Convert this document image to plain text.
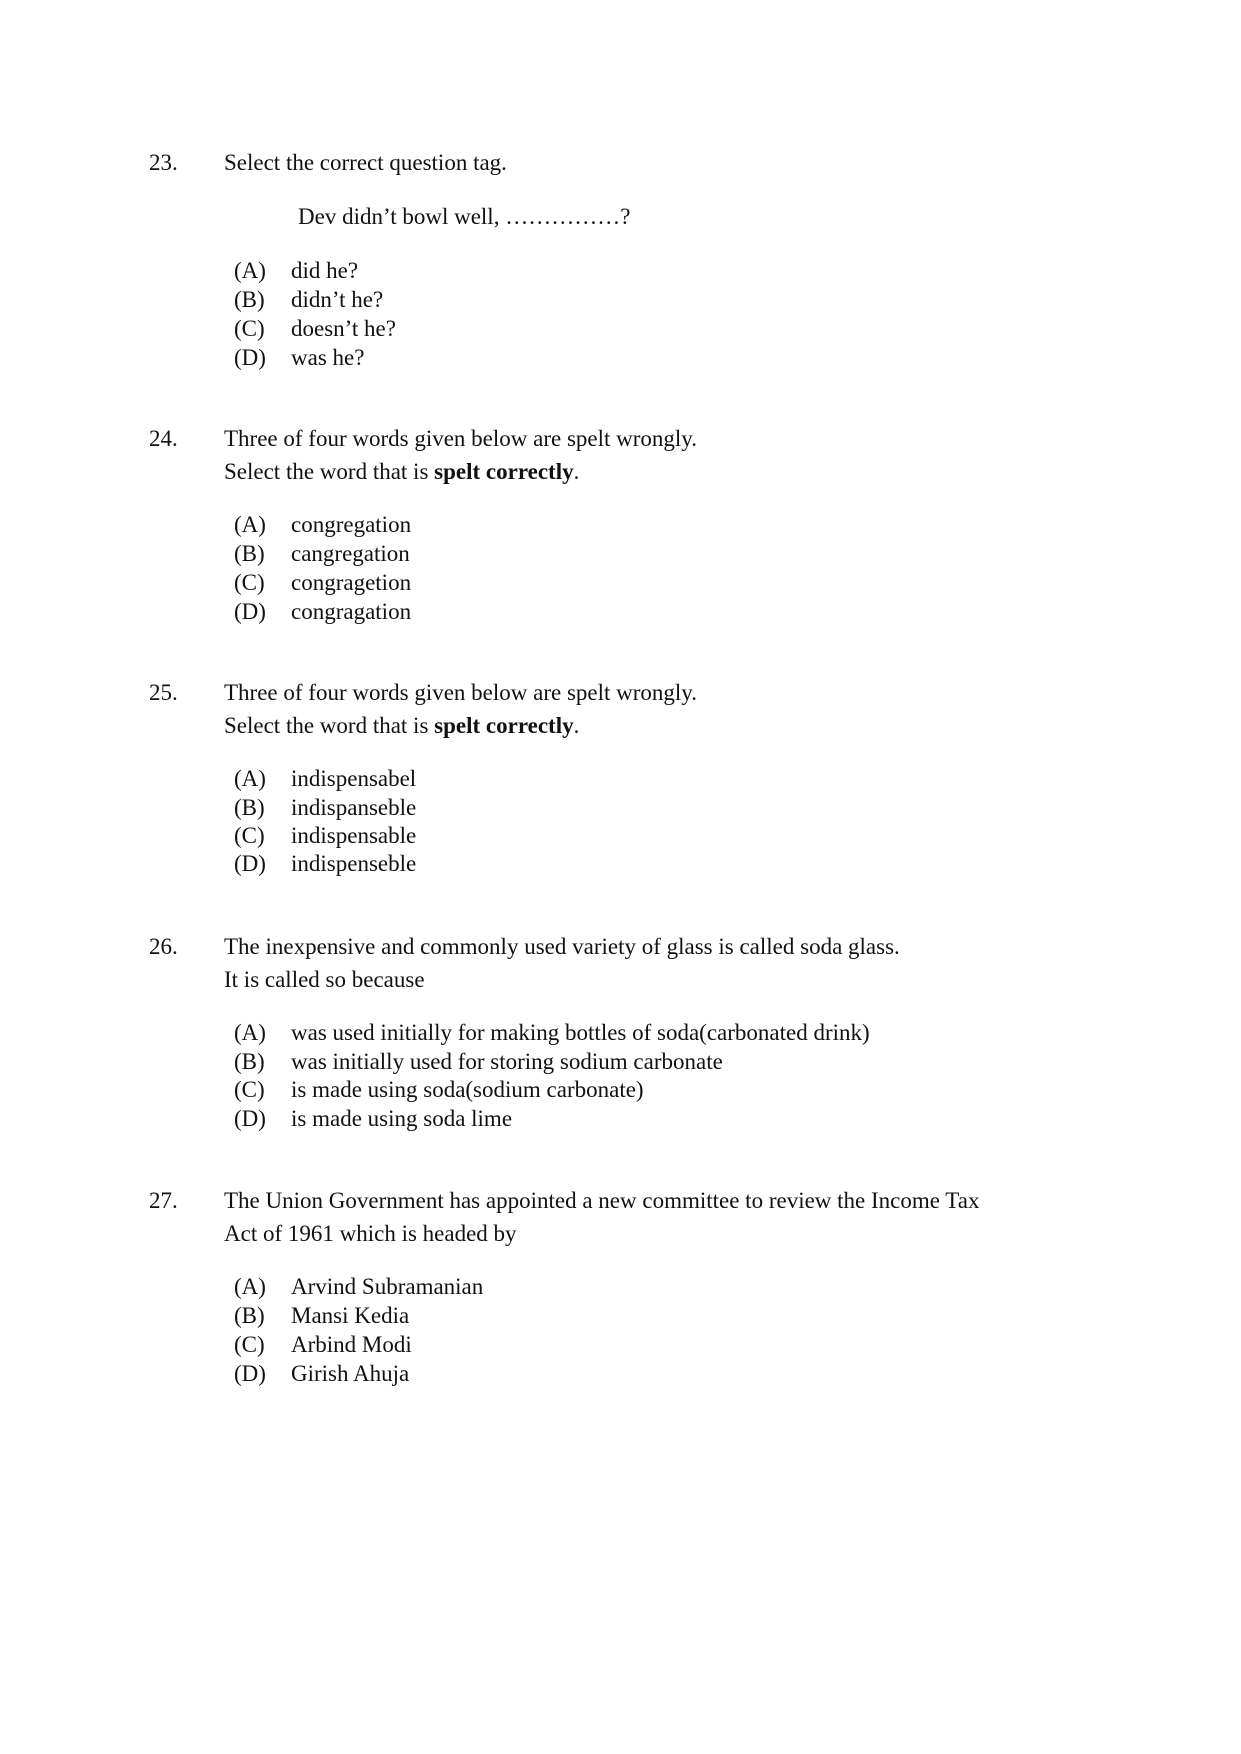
23. Select the correct question tag.
Dev didn’t bowl well, ……………?
(A) did he?
(B) didn’t he?
(C) doesn’t he?
(D) was he?
24. Three of four words given below are spelt wrongly.
Select the word that is spelt correctly.
(A) congregation
(B) cangregation
(C) congragetion
(D) congragation
25. Three of four words given below are spelt wrongly.
Select the word that is spelt correctly.
(A) indispensabel
(B) indispanseble
(C) indispensable
(D) indispenseble
26. The inexpensive and commonly used variety of glass is called soda glass.
It is called so because
(A) was used initially for making bottles of soda(carbonated drink)
(B) was initially used for storing sodium carbonate
(C) is made using soda(sodium carbonate)
(D) is made using soda lime
27. The Union Government has appointed a new committee to review the Income Tax
Act of 1961 which is headed by
(A) Arvind Subramanian
(B) Mansi Kedia
(C) Arbind Modi
(D) Girish Ahuja
